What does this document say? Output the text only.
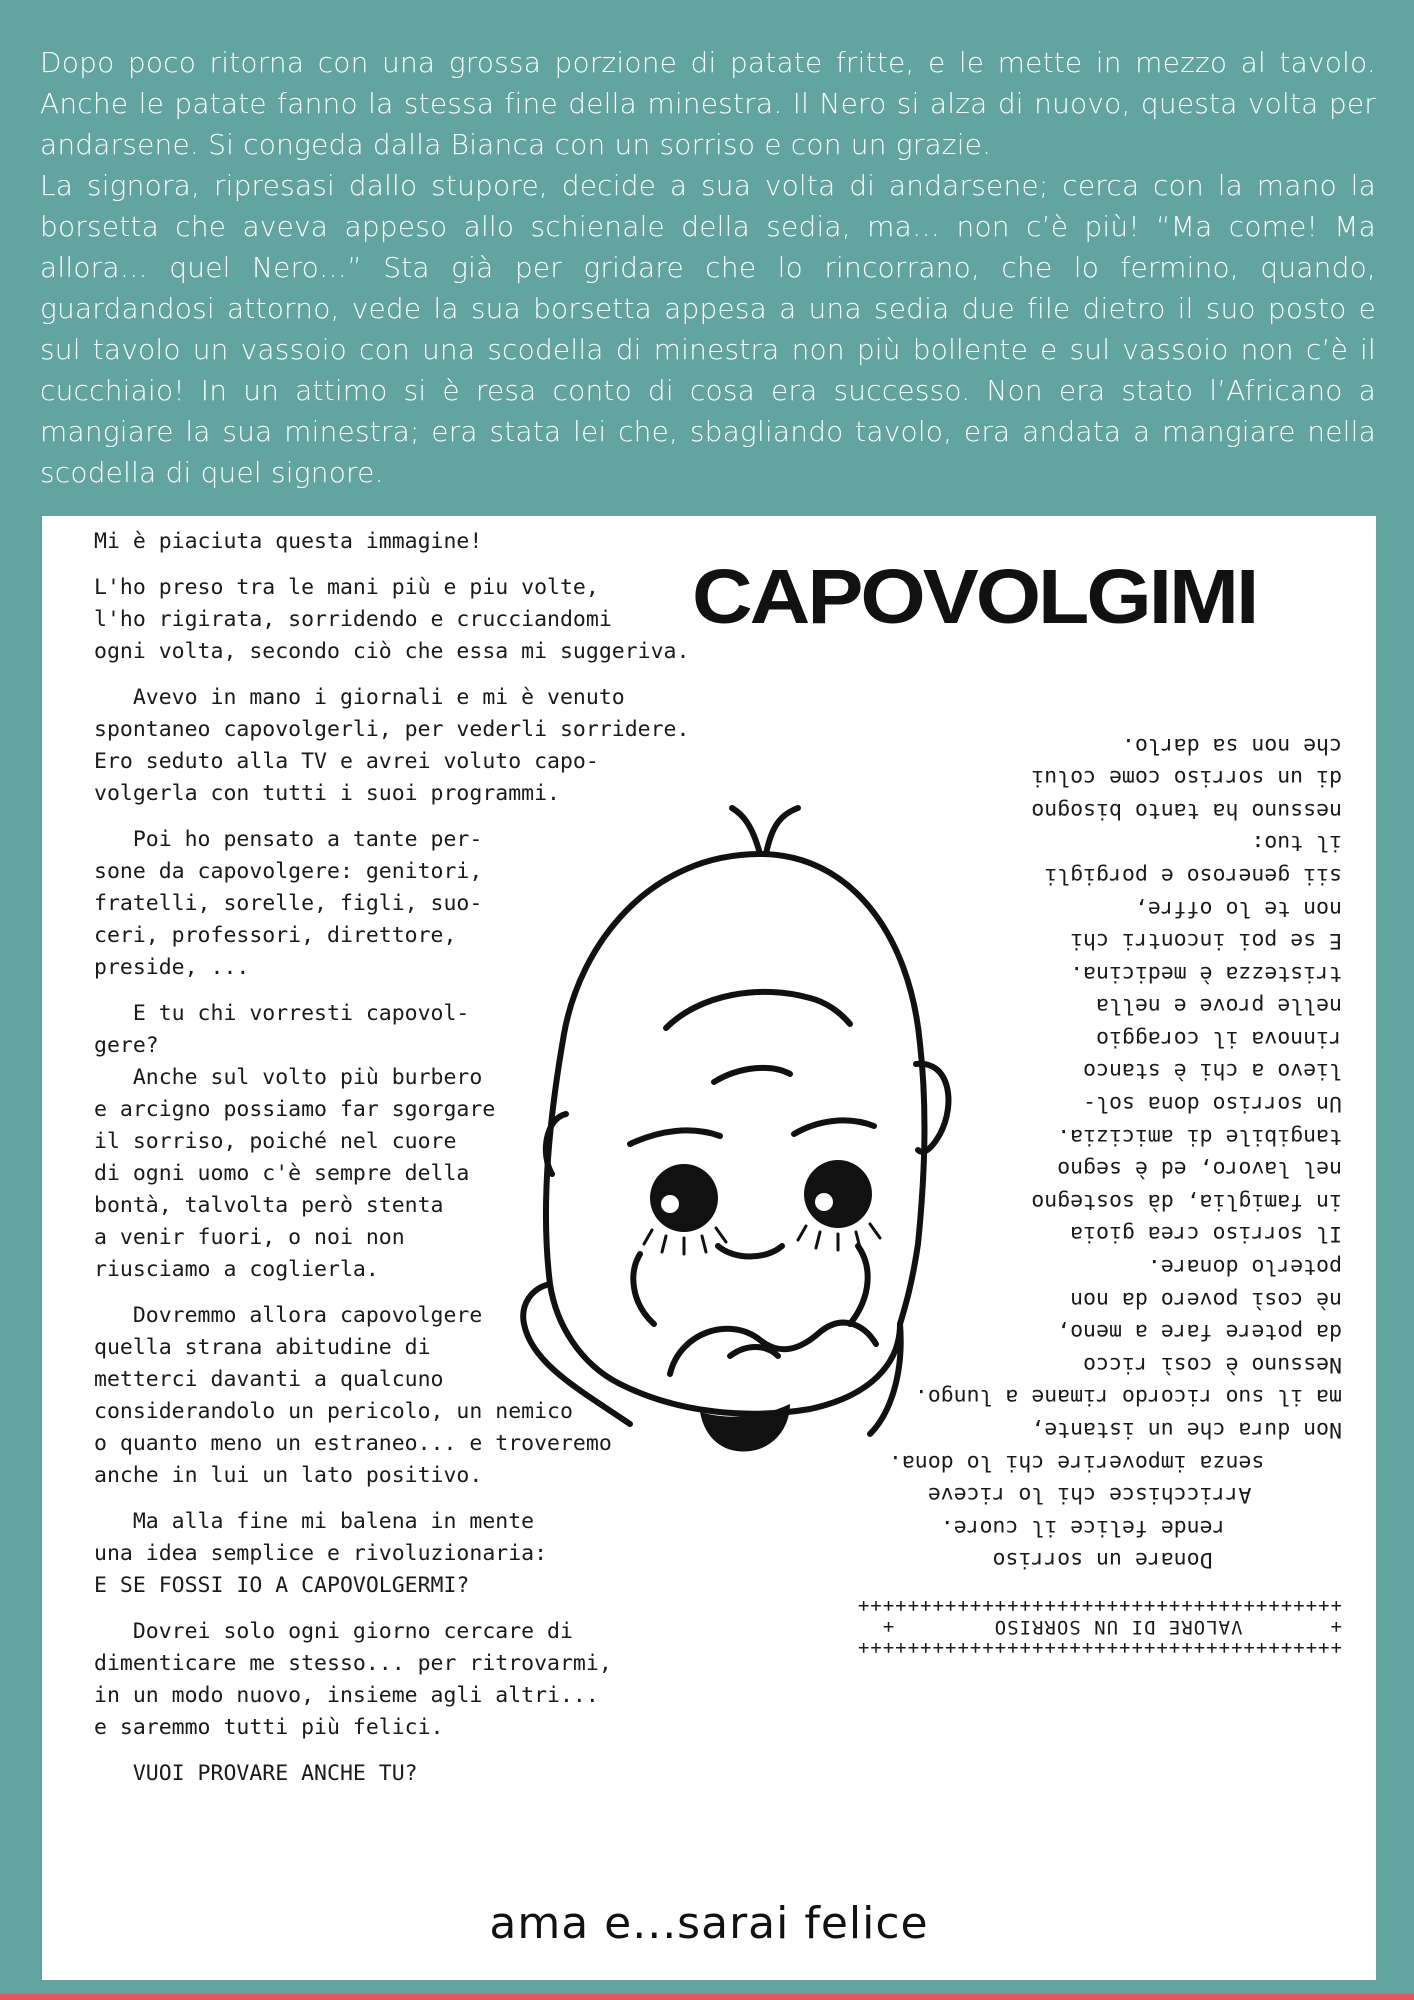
Dopo poco ritorna con una grossa porzione di patate fritte, e le mette in mezzo al tavolo. Anche le patate fanno la stessa fine della minestra. Il Nero si alza di nuovo, questa volta per andarsene. Si congeda dalla Bianca con un sorriso e con un grazie.

La signora, ripresasi dallo stupore, decide a sua volta di andarsene; cerca con la mano la borsetta che aveva appeso allo schienale della sedia, ma… non c’è più! “Ma come! Ma allora… quel Nero…” Sta già per gridare che lo rincorrano, che lo fermino, quando, guardandosi attorno, vede la sua borsetta appesa a una sedia due file dietro il suo posto e sul tavolo un vassoio con una scodella di minestra non più bollente e sul vassoio non c’è il cucchiaio! In un attimo si è resa conto di cosa era successo. Non era stato l’Africano a mangiare la sua minestra; era stata lei che, sbagliando tavolo, era andata a mangiare nella scodella di quel signore.

Mi è piaciuta questa immagine!

L'ho preso tra le mani più e piu volte,
l'ho rigirata, sorridendo e crucciandomi
ogni volta, secondo ciò che essa mi suggeriva.

Avevo in mano i giornali e mi è venuto
spontaneo capovolgerli, per vederli sorridere.
Ero seduto alla TV e avrei voluto capo-
volgerla con tutti i suoi programmi.

Poi ho pensato a tante per-
sone da capovolgere: genitori,
fratelli, sorelle, figli, suo-
ceri, professori, direttore,
preside, ...

E tu chi vorresti capovol-
gere?
Anche sul volto più burbero
e arcigno possiamo far sgorgare
il sorriso, poiché nel cuore
di ogni uomo c'è sempre della
bontà, talvolta però stenta
a venir fuori, o noi non
riusciamo a coglierla.

Dovremmo allora capovolgere
quella strana abitudine di
metterci davanti a qualcuno
considerandolo un pericolo, un nemico
o quanto meno un estraneo... e troveremo
anche in lui un lato positivo.

Ma alla fine mi balena in mente
una idea semplice e rivoluzionaria:
E SE FOSSI IO A CAPOVOLGERMI?

Dovrei solo ogni giorno cercare di
dimenticare me stesso... per ritrovarmi,
in un modo nuovo, insieme agli altri...
e saremmo tutti più felici.

VUOI PROVARE ANCHE TU?

CAPOVOLGIMI
+++++++++++++++++++++++++++++++++++++++
+       VALORE DI UN SORRISO        +
+++++++++++++++++++++++++++++++++++++++

Donare un sorriso
rende felice il cuore.
Arricchisce chi lo riceve
senza impoverire chi lo dona.
Non dura che un istante,
ma il suo ricordo rimane a lungo.
Nessuno è così ricco
da potere fare a meno,
nè così povero da non
poterlo donare.
Il sorriso crea gioia
in famiglia, dà sostegno
nel lavoro, ed è segno
tangibile di amicizia.
Un sorriso dona sol-
lievo a chi è stanco
rinnova il coraggio
nelle prove e nella
tristezza è medicina.
E se poi incontri chi
non te lo offre,
sii generoso e porgigli
il tuo:
nessuno ha tanto bisogno
di un sorriso come colui
che non sa darlo.

ama e...sarai felice
